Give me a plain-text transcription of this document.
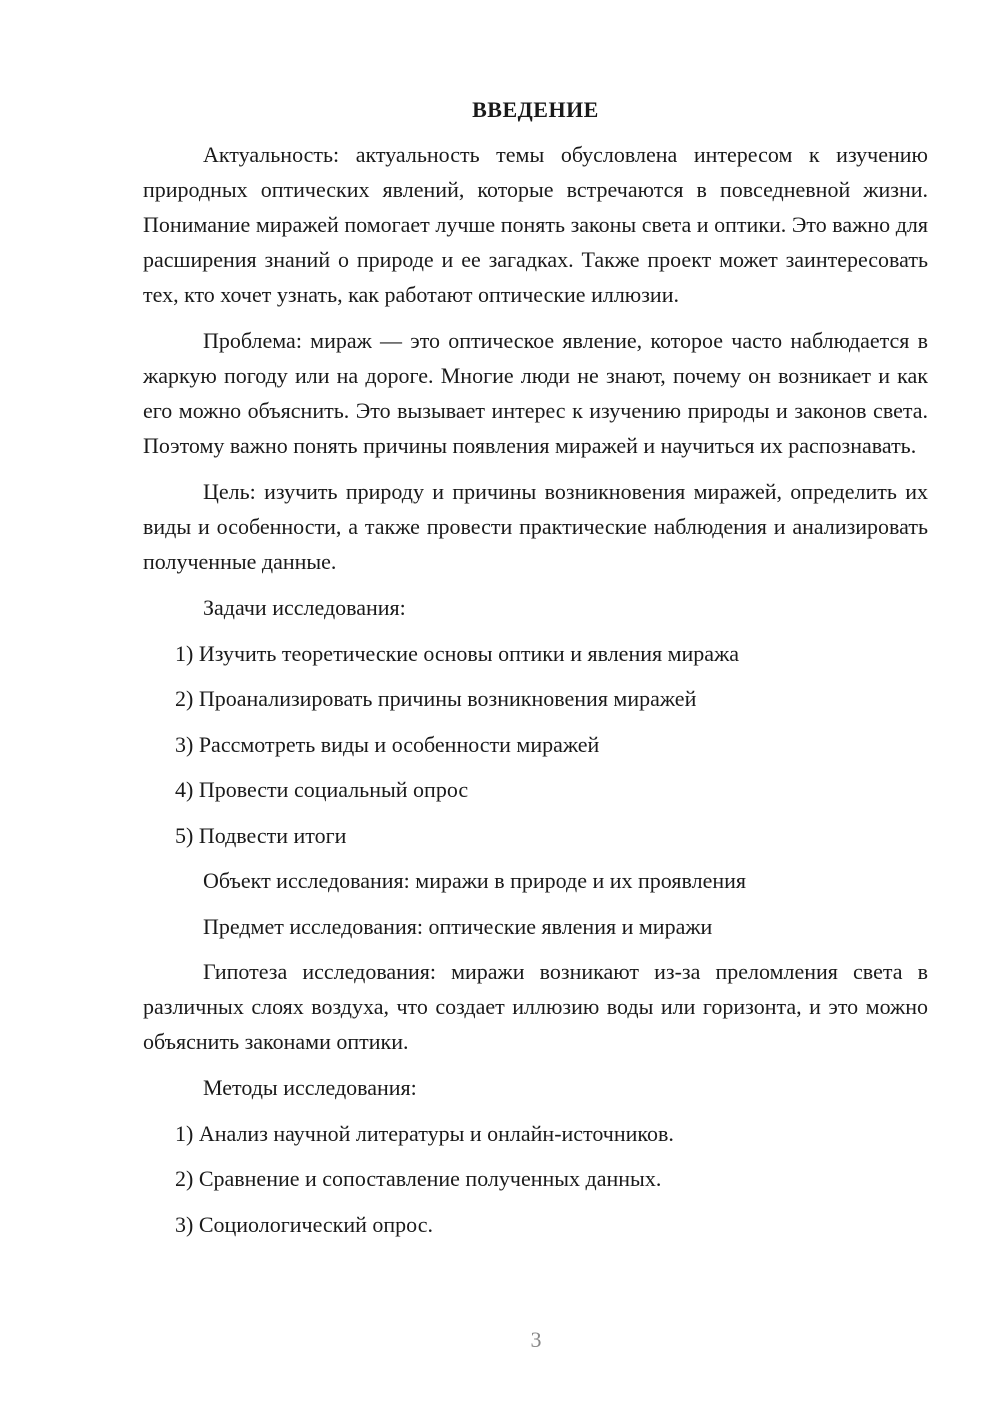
ВВЕДЕНИЕ

Актуальность: актуальность темы обусловлена интересом к изучению природных оптических явлений, которые встречаются в повседневной жизни. Понимание миражей помогает лучше понять законы света и оптики. Это важно для расширения знаний о природе и ее загадках. Также проект может заинтересовать тех, кто хочет узнать, как работают оптические иллюзии.

Проблема: мираж — это оптическое явление, которое часто наблюдается в жаркую погоду или на дороге. Многие люди не знают, почему он возникает и как его можно объяснить. Это вызывает интерес к изучению природы и законов света. Поэтому важно понять причины появления миражей и научиться их распознавать.

Цель: изучить природу и причины возникновения миражей, определить их виды и особенности, а также провести практические наблюдения и анализировать полученные данные.

Задачи исследования:

1) Изучить теоретические основы оптики и явления миража

2) Проанализировать причины возникновения миражей

3) Рассмотреть виды и особенности миражей

4) Провести социальный опрос

5) Подвести итоги

Объект исследования: миражи в природе и их проявления

Предмет исследования: оптические явления и миражи

Гипотеза исследования: миражи возникают из-за преломления света в различных слоях воздуха, что создает иллюзию воды или горизонта, и это можно объяснить законами оптики.

Методы исследования:

1) Анализ научной литературы и онлайн-источников.

2) Сравнение и сопоставление полученных данных.

3) Социологический опрос.

3
